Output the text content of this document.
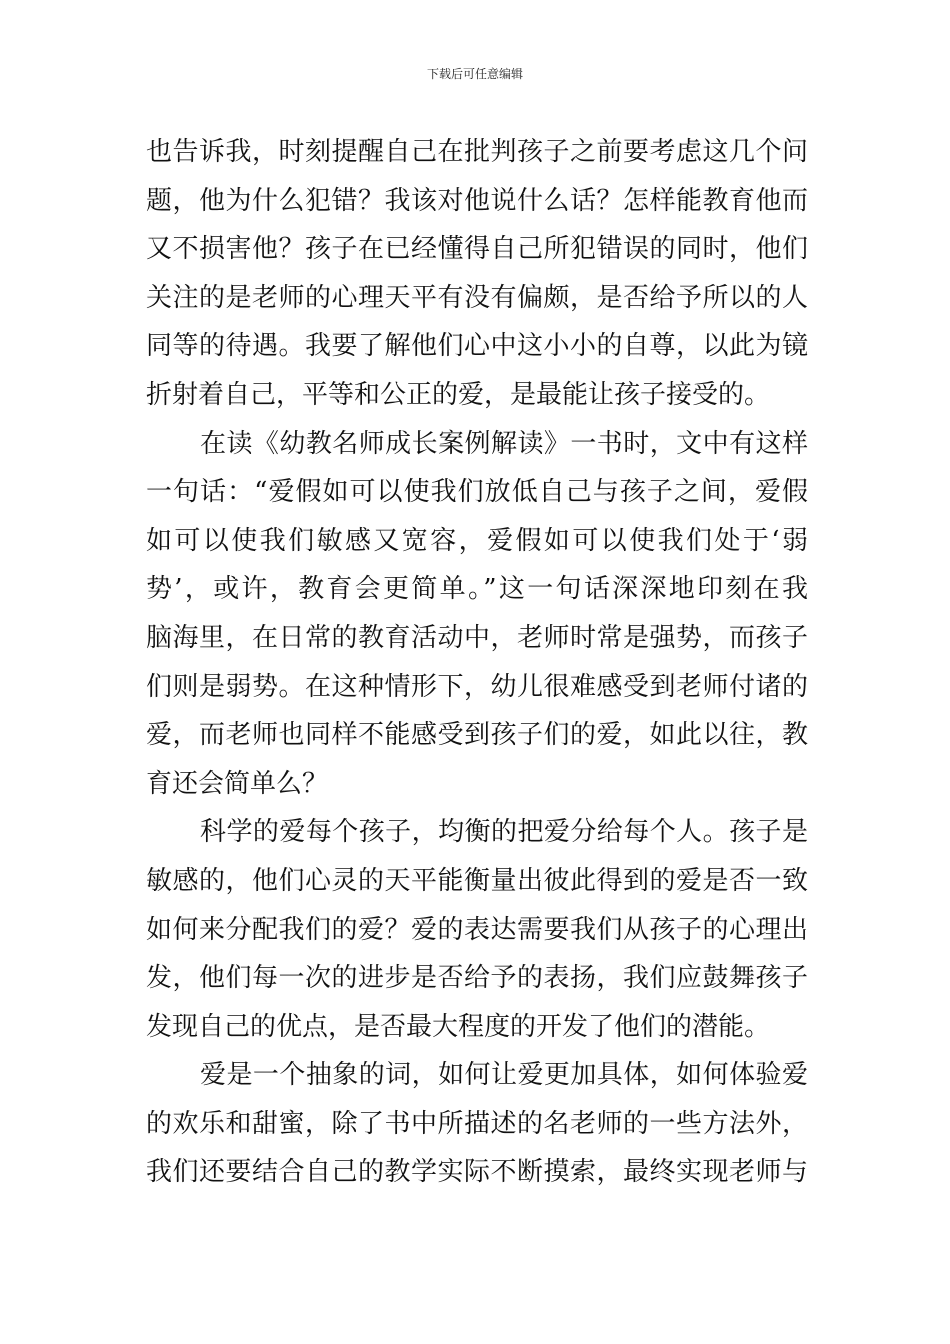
下载后可任意编辑
也告诉我，时刻提醒自己在批判孩子之前要考虑这几个问
题，他为什么犯错？我该对他说什么话？怎样能教育他而
又不损害他？孩子在已经懂得自己所犯错误的同时，他们
关注的是老师的心理天平有没有偏颇，是否给予所以的人
同等的待遇。我要了解他们心中这小小的自尊，以此为镜
折射着自己，平等和公正的爱，是最能让孩子接受的。
在读《幼教名师成长案例解读》一书时，文中有这样
一句话：“爱假如可以使我们放低自己与孩子之间，爱假
如可以使我们敏感又宽容，爱假如可以使我们处于‘弱
势’，或许，教育会更简单。”这一句话深深地印刻在我
脑海里，在日常的教育活动中，老师时常是强势，而孩子
们则是弱势。在这种情形下，幼儿很难感受到老师付诸的
爱，而老师也同样不能感受到孩子们的爱，如此以往，教
育还会简单么？
科学的爱每个孩子，均衡的把爱分给每个人。孩子是
敏感的，他们心灵的天平能衡量出彼此得到的爱是否一致
如何来分配我们的爱？爱的表达需要我们从孩子的心理出
发，他们每一次的进步是否给予的表扬，我们应鼓舞孩子
发现自己的优点，是否最大程度的开发了他们的潜能。
爱是一个抽象的词，如何让爱更加具体，如何体验爱
的欢乐和甜蜜，除了书中所描述的名老师的一些方法外，
我们还要结合自己的教学实际不断摸索，最终实现老师与
